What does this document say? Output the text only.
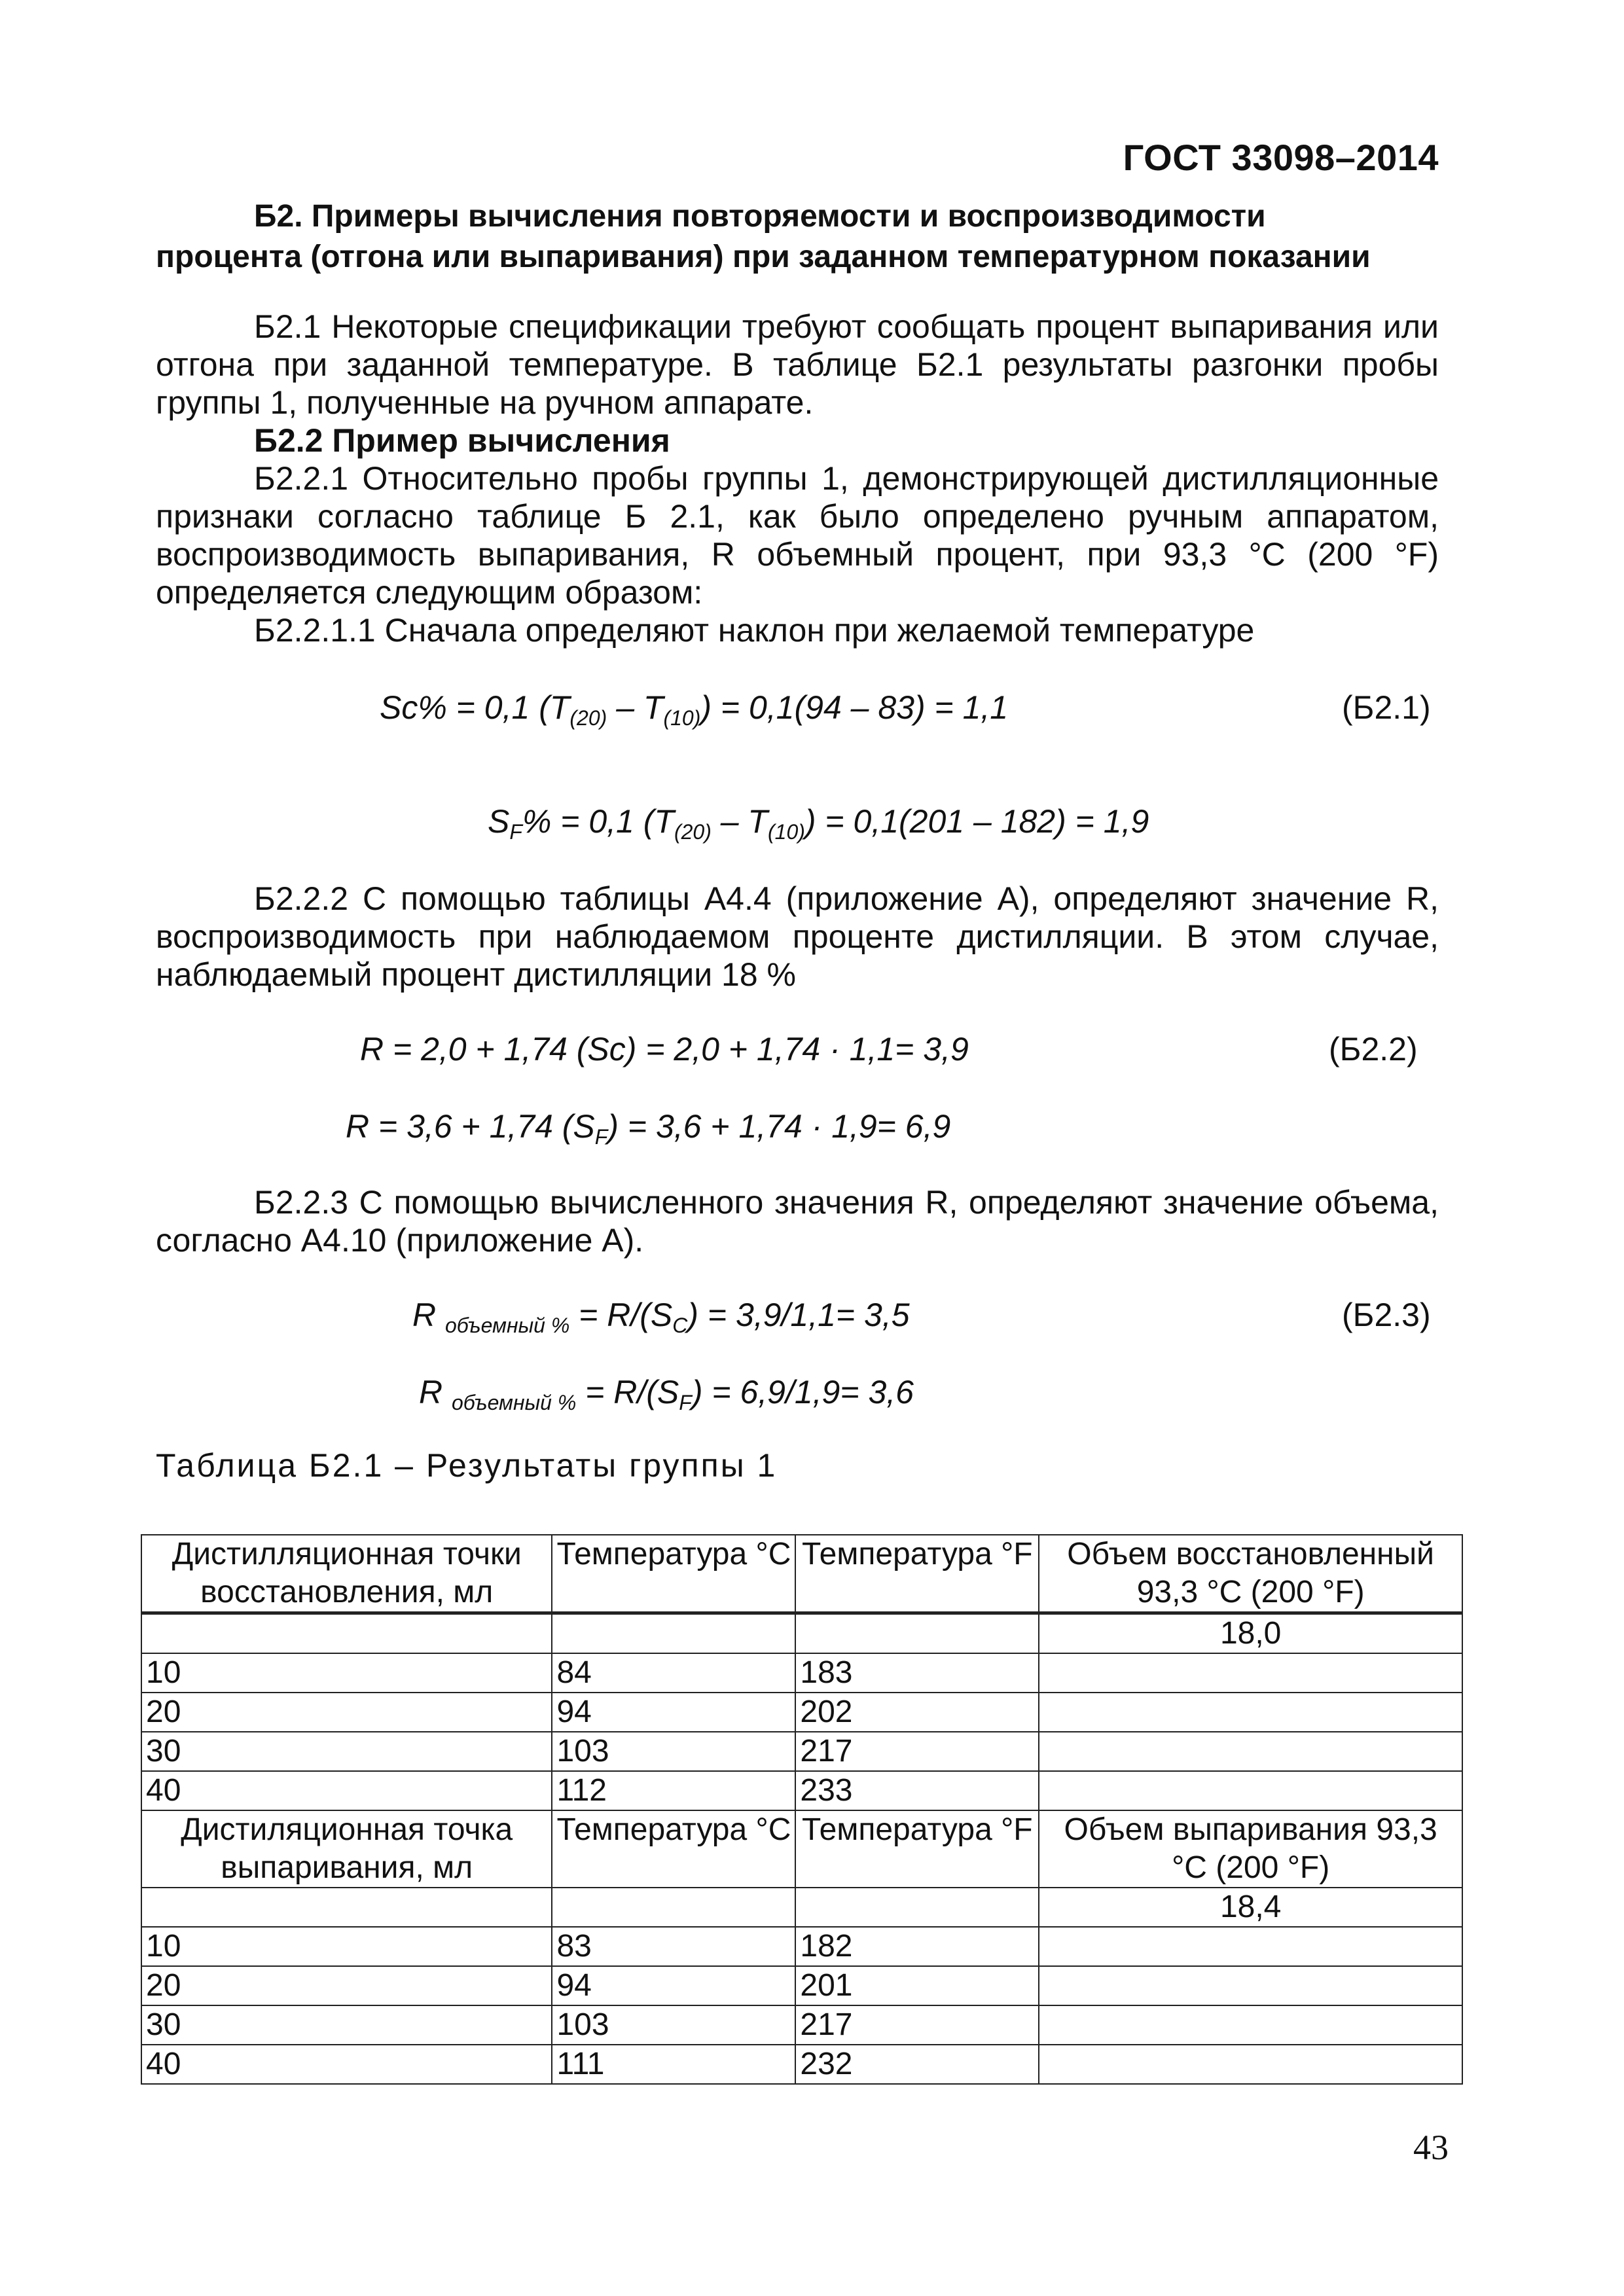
ГОСТ 33098–2014
Б2. Примеры вычисления повторяемости и воспроизводимости
процента (отгона или выпаривания) при заданном температурном показании

Б2.1 Некоторые спецификации требуют сообщать процент выпаривания или отгона при заданной температуре. В таблице Б2.1 результаты разгонки пробы группы 1, полученные на ручном аппарате.

Б2.2 Пример вычисления

Б2.2.1 Относительно пробы группы 1, демонстрирующей дистилляционные признаки согласно таблице Б 2.1, как было определено ручным аппаратом, воспроизводимость выпаривания, R объемный процент, при 93,3 °С (200 °F) определяется следующим образом:

Б2.2.1.1 Сначала определяют наклон при желаемой температуре

Sc% = 0,1 $(T_{(20)} - T_{(10)}) = 0,1(94 - 83) = 1,1$	(Б2.1)
$S_F\% = 0,1$ $(T_{(20)} - T_{(10)}) = 0,1(201 - 182) = 1,9$

Б2.2.2 С помощью таблицы А4.4 (приложение А), определяют значение R, воспроизводимость при наблюдаемом проценте дистилляции. В этом случае, наблюдаемый процент дистилляции 18 %

R = 2,0 + 1,74 (Sc) = 2,0 + 1,74 · 1,1= 3,9	(Б2.2)
R = 3,6 + 1,74 $(S_F) = 3,6 + 1,74 \cdot 1,9= 6,9$

Б2.2.3 С помощью вычисленного значения R, определяют значение объема, согласно А4.10 (приложение А).

R $_{объемный \%} = R/(S_C) = 3,9/1,1= 3,5$	(Б2.3)
R $_{объемный \%} = R/(S_F) = 6,9/1,9= 3,6$
Таблица Б2.1 – Результаты группы 1
Дистилляционная точки восстановления, мл	Температура °С	Температура °F	Объем восстановленный 93,3 °С (200 °F)
			18,0
10	84	183	
20	94	202	
30	103	217	
40	112	233	
Дистиляционная точка выпаривания, мл	Температура °С	Температура °F	Объем выпаривания 93,3 °С (200 °F)
			18,4
10	83	182	
20	94	201	
30	103	217	
40	111	232	
43
